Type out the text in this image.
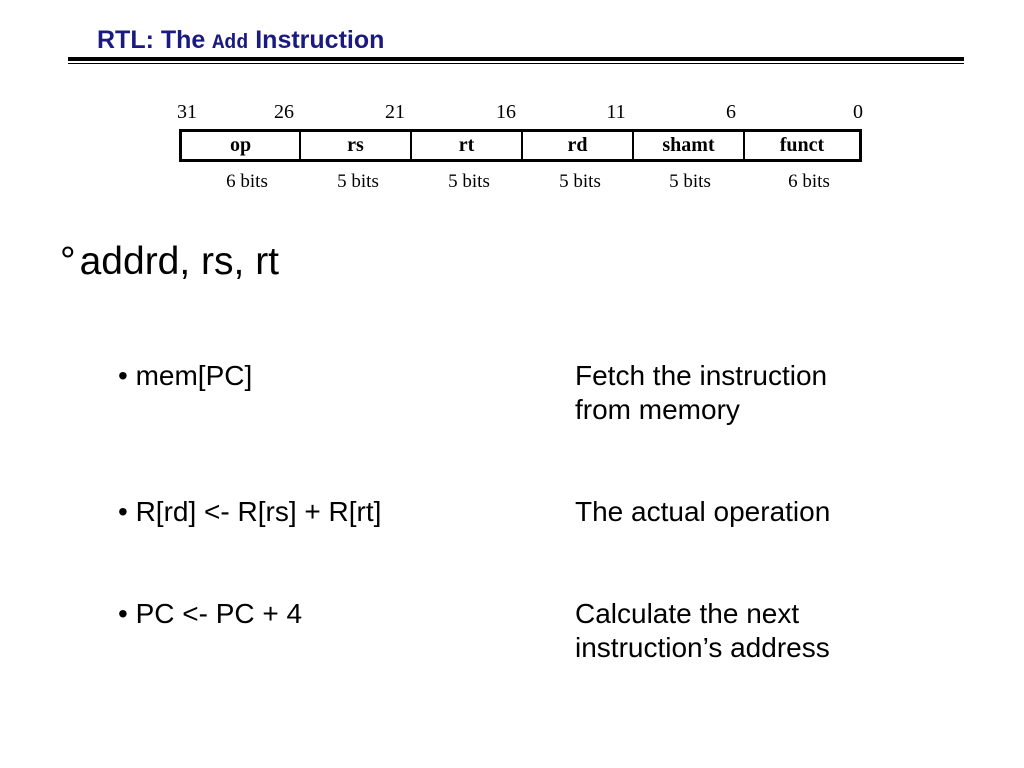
RTL: The Add Instruction
31	26	21	16	11	6	0
op	rs	rt	rd	shamt	funct
6 bits	5 bits	5 bits	5 bits	5 bits	6 bits
° addrd, rs, rt
• mem[PC]	Fetch the instruction
from memory
• R[rd] <- R[rs] + R[rt]	The actual operation
• PC <- PC + 4	Calculate the next
instruction’s address
